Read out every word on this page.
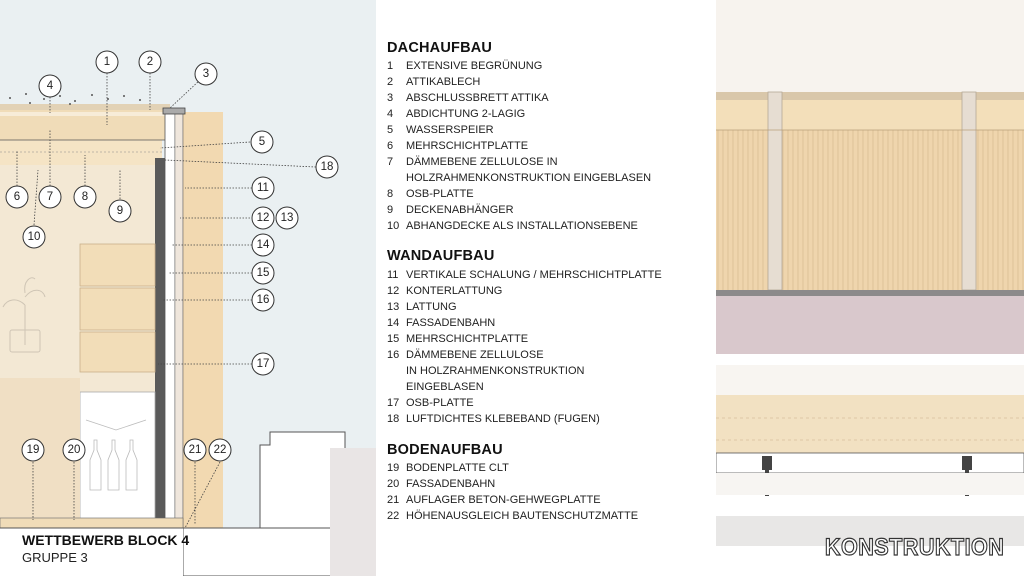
1	2
3
4
5
6 7 8
9
10
11
12 13
14
15
16
17
18
19 20	21 22
WETTBEWERB BLOCK 4
GRUPPE 3
DACHAUFBAU
1 EXTENSIVE BEGRÜNUNG
2 ATTIKABLECH
3 ABSCHLUSSBRETT ATTIKA
4 ABDICHTUNG 2-LAGIG
5 WASSERSPEIER
6 MEHRSCHICHTPLATTE
7 DÄMMEBENE ZELLULOSE IN
HOLZRAHMENKONSTRUKTION EINGEBLASEN
8 OSB-PLATTE
9 DECKENABHÄNGER
10 ABHANGDECKE ALS INSTALLATIONSEBENE
WANDAUFBAU
11 VERTIKALE SCHALUNG / MEHRSCHICHTPLATTE
12 KONTERLATTUNG
13 LATTUNG
14 FASSADENBAHN
15 MEHRSCHICHTPLATTE
16 DÄMMEBENE ZELLULOSE
IN HOLZRAHMENKONSTRUKTION
EINGEBLASEN
17 OSB-PLATTE
18 LUFTDICHTES KLEBEBAND (FUGEN)
BODENAUFBAU
19 BODENPLATTE CLT
20 FASSADENBAHN
21 AUFLAGER BETON-GEHWEGPLATTE
22 HÖHENAUSGLEICH BAUTENSCHUTZMATTE
KONSTRUKTION
